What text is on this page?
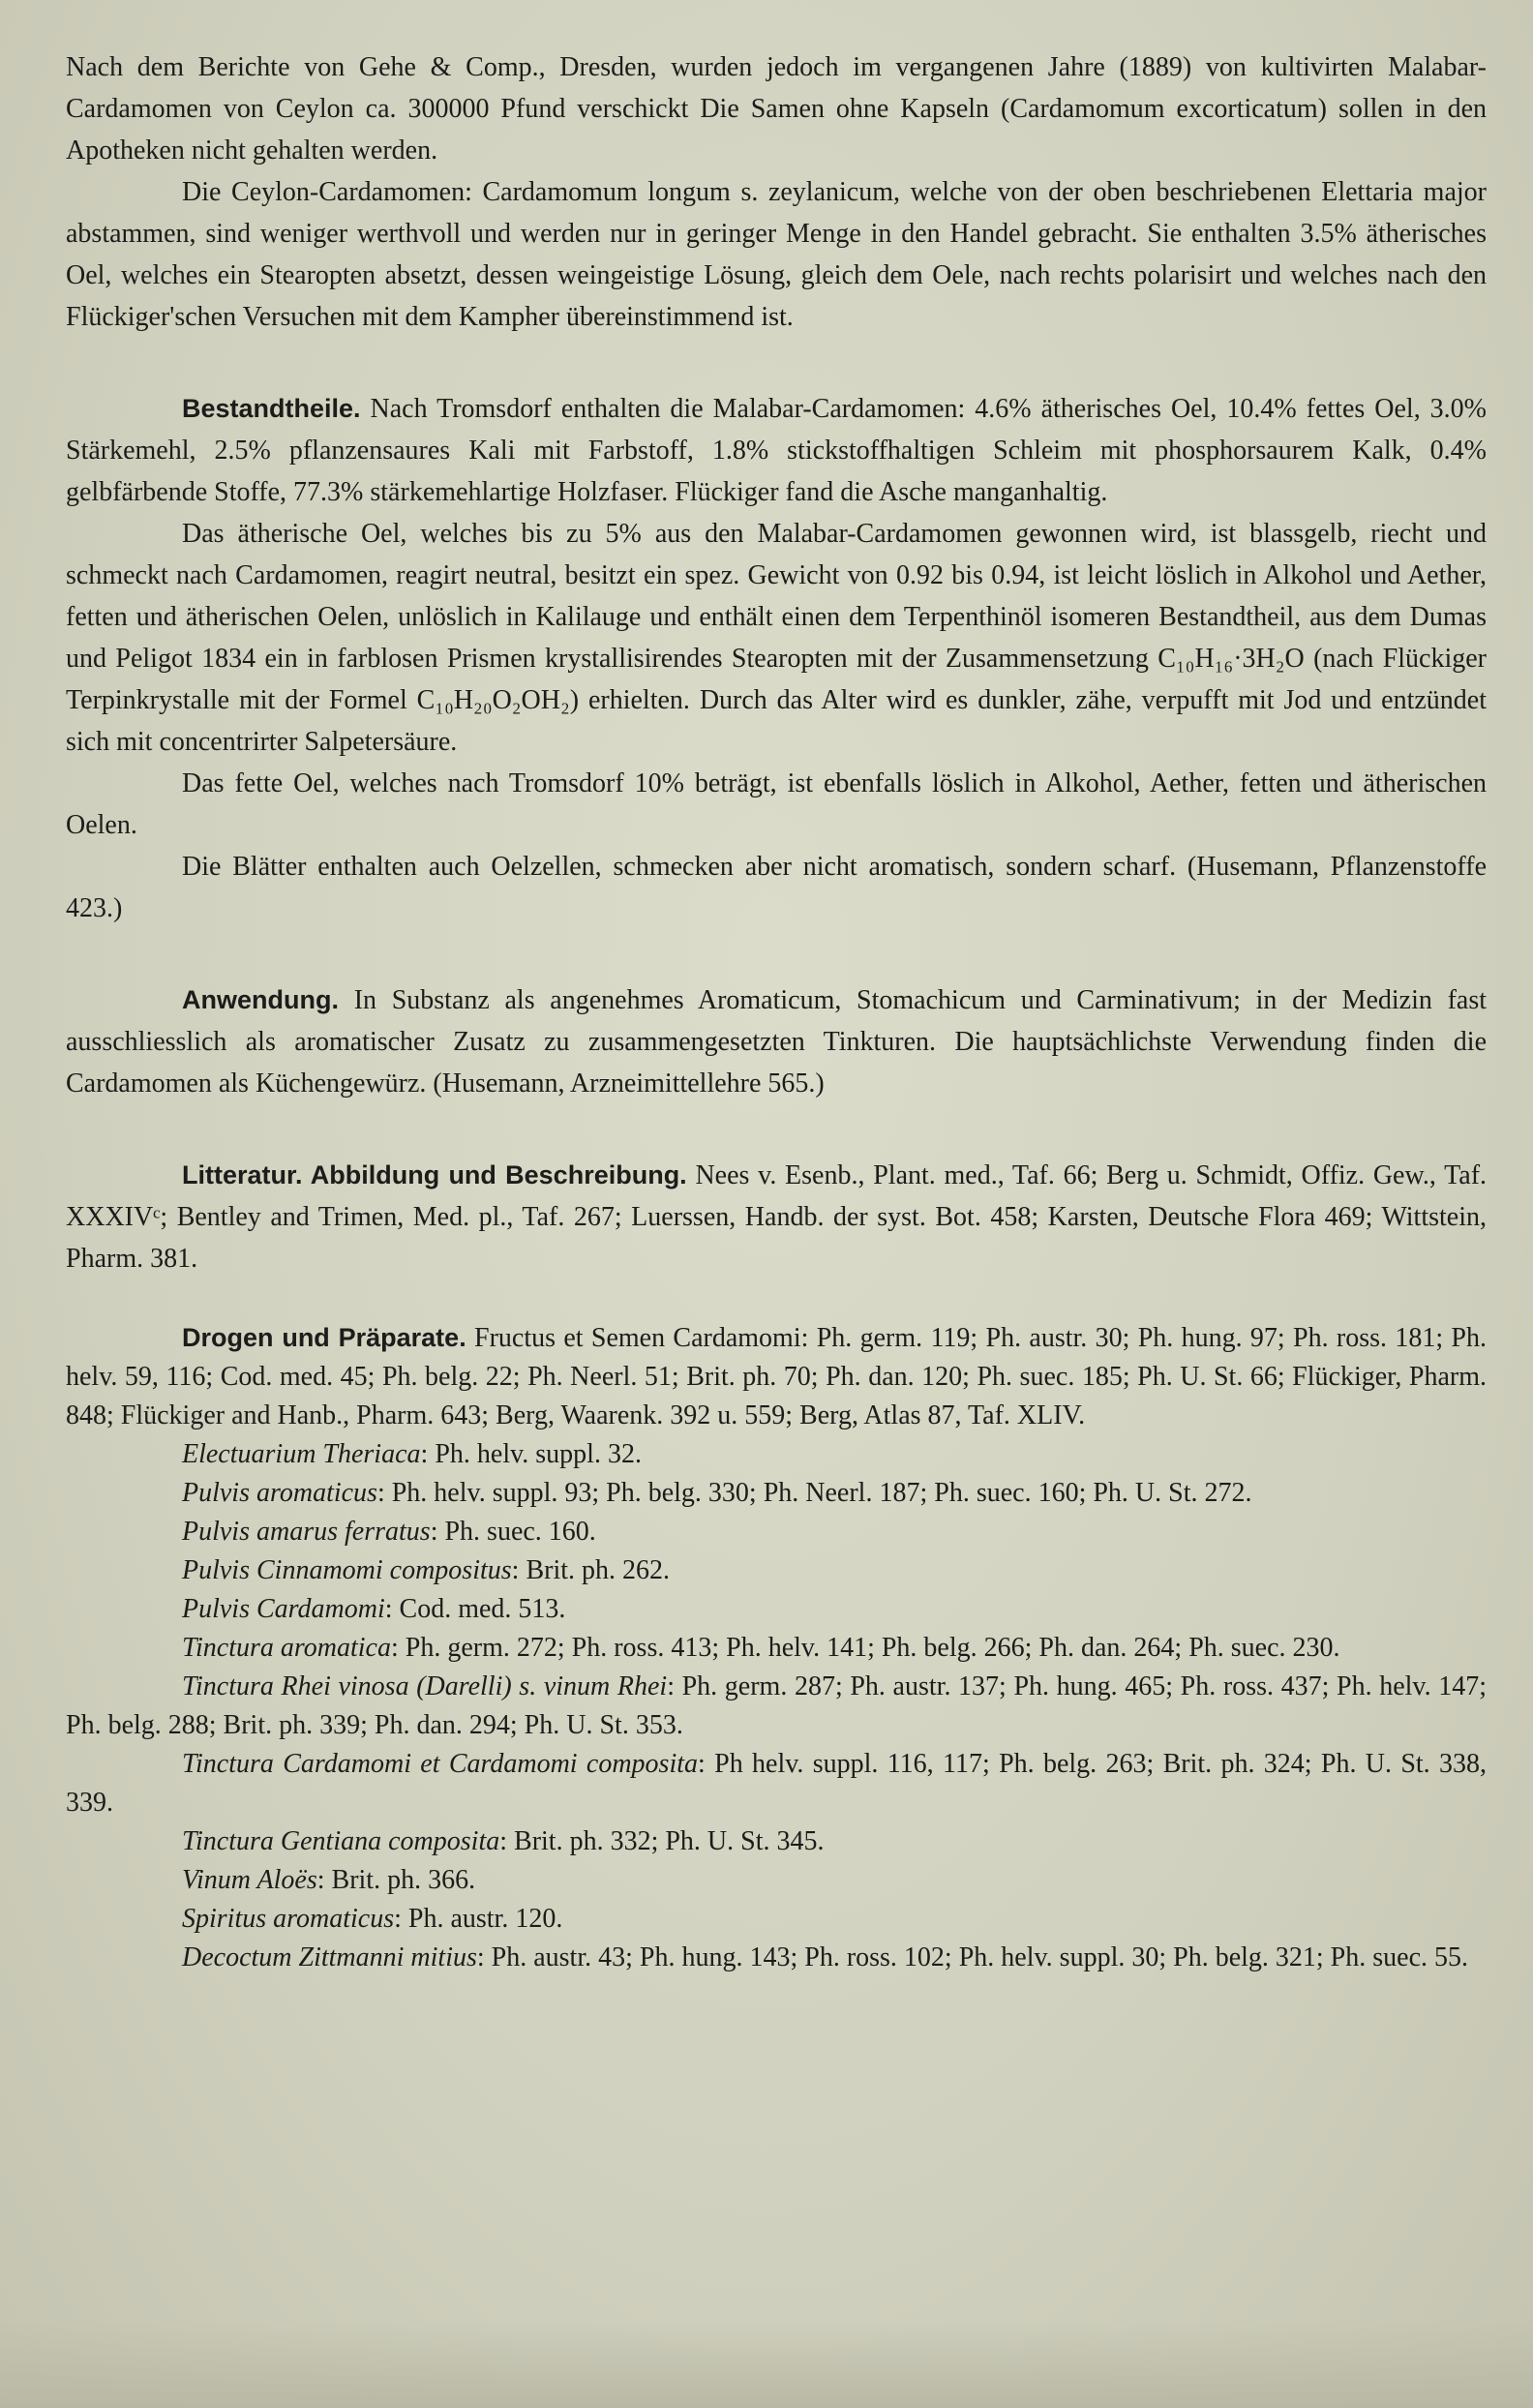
Nach dem Berichte von Gehe & Comp., Dresden, wurden jedoch im vergangenen Jahre (1889) von kultivirten Malabar-Cardamomen von Ceylon ca. 300000 Pfund verschickt Die Samen ohne Kapseln (Cardamomum excorticatum) sollen in den Apotheken nicht gehalten werden.

Die Ceylon-Cardamomen: Cardamomum longum s. zeylanicum, welche von der oben beschriebenen Elettaria major abstammen, sind weniger werthvoll und werden nur in geringer Menge in den Handel gebracht. Sie enthalten 3.5% ätherisches Oel, welches ein Stearopten absetzt, dessen weingeistige Lösung, gleich dem Oele, nach rechts polarisirt und welches nach den Flückiger'schen Versuchen mit dem Kampher übereinstimmend ist.

Bestandtheile. Nach Tromsdorf enthalten die Malabar-Cardamomen: 4.6% ätherisches Oel, 10.4% fettes Oel, 3.0% Stärkemehl, 2.5% pflanzensaures Kali mit Farbstoff, 1.8% stickstoffhaltigen Schleim mit phosphorsaurem Kalk, 0.4% gelbfärbende Stoffe, 77.3% stärkemehlartige Holzfaser. Flückiger fand die Asche manganhaltig.

Das ätherische Oel, welches bis zu 5% aus den Malabar-Cardamomen gewonnen wird, ist blassgelb, riecht und schmeckt nach Cardamomen, reagirt neutral, besitzt ein spez. Gewicht von 0.92 bis 0.94, ist leicht löslich in Alkohol und Aether, fetten und ätherischen Oelen, unlöslich in Kalilauge und enthält einen dem Terpenthinöl isomeren Bestandtheil, aus dem Dumas und Peligot 1834 ein in farblosen Prismen krystallisirendes Stearopten mit der Zusammensetzung C₁₀H₁₆·3H₂O (nach Flückiger Terpinkrystalle mit der Formel C₁₀H₂₀O₂OH₂) erhielten. Durch das Alter wird es dunkler, zähe, verpufft mit Jod und entzündet sich mit concentrirter Salpetersäure.

Das fette Oel, welches nach Tromsdorf 10% beträgt, ist ebenfalls löslich in Alkohol, Aether, fetten und ätherischen Oelen.

Die Blätter enthalten auch Oelzellen, schmecken aber nicht aromatisch, sondern scharf. (Husemann, Pflanzenstoffe 423.)

Anwendung. In Substanz als angenehmes Aromaticum, Stomachicum und Carminativum; in der Medizin fast ausschliesslich als aromatischer Zusatz zu zusammengesetzten Tinkturen. Die hauptsächlichste Verwendung finden die Cardamomen als Küchengewürz. (Husemann, Arzneimittellehre 565.)

Litteratur. Abbildung und Beschreibung. Nees v. Esenb., Plant. med., Taf. 66; Berg u. Schmidt, Offiz. Gew., Taf. XXXIVᶜ; Bentley and Trimen, Med. pl., Taf. 267; Luerssen, Handb. der syst. Bot. 458; Karsten, Deutsche Flora 469; Wittstein, Pharm. 381.

Drogen und Präparate. Fructus et Semen Cardamomi: Ph. germ. 119; Ph. austr. 30; Ph. hung. 97; Ph. ross. 181; Ph. helv. 59, 116; Cod. med. 45; Ph. belg. 22; Ph. Neerl. 51; Brit. ph. 70; Ph. dan. 120; Ph. suec. 185; Ph. U. St. 66; Flückiger, Pharm. 848; Flückiger and Hanb., Pharm. 643; Berg, Waarenk. 392 u. 559; Berg, Atlas 87, Taf. XLIV.

Electuarium Theriaca: Ph. helv. suppl. 32.

Pulvis aromaticus: Ph. helv. suppl. 93; Ph. belg. 330; Ph. Neerl. 187; Ph. suec. 160; Ph. U. St. 272.

Pulvis amarus ferratus: Ph. suec. 160.

Pulvis Cinnamomi compositus: Brit. ph. 262.

Pulvis Cardamomi: Cod. med. 513.

Tinctura aromatica: Ph. germ. 272; Ph. ross. 413; Ph. helv. 141; Ph. belg. 266; Ph. dan. 264; Ph. suec. 230.

Tinctura Rhei vinosa (Darelli) s. vinum Rhei: Ph. germ. 287; Ph. austr. 137; Ph. hung. 465; Ph. ross. 437; Ph. helv. 147; Ph. belg. 288; Brit. ph. 339; Ph. dan. 294; Ph. U. St. 353.

Tinctura Cardamomi et Cardamomi composita: Ph helv. suppl. 116, 117; Ph. belg. 263; Brit. ph. 324; Ph. U. St. 338, 339.

Tinctura Gentiana composita: Brit. ph. 332; Ph. U. St. 345.

Vinum Aloës: Brit. ph. 366.

Spiritus aromaticus: Ph. austr. 120.

Decoctum Zittmanni mitius: Ph. austr. 43; Ph. hung. 143; Ph. ross. 102; Ph. helv. suppl. 30; Ph. belg. 321; Ph. suec. 55.
